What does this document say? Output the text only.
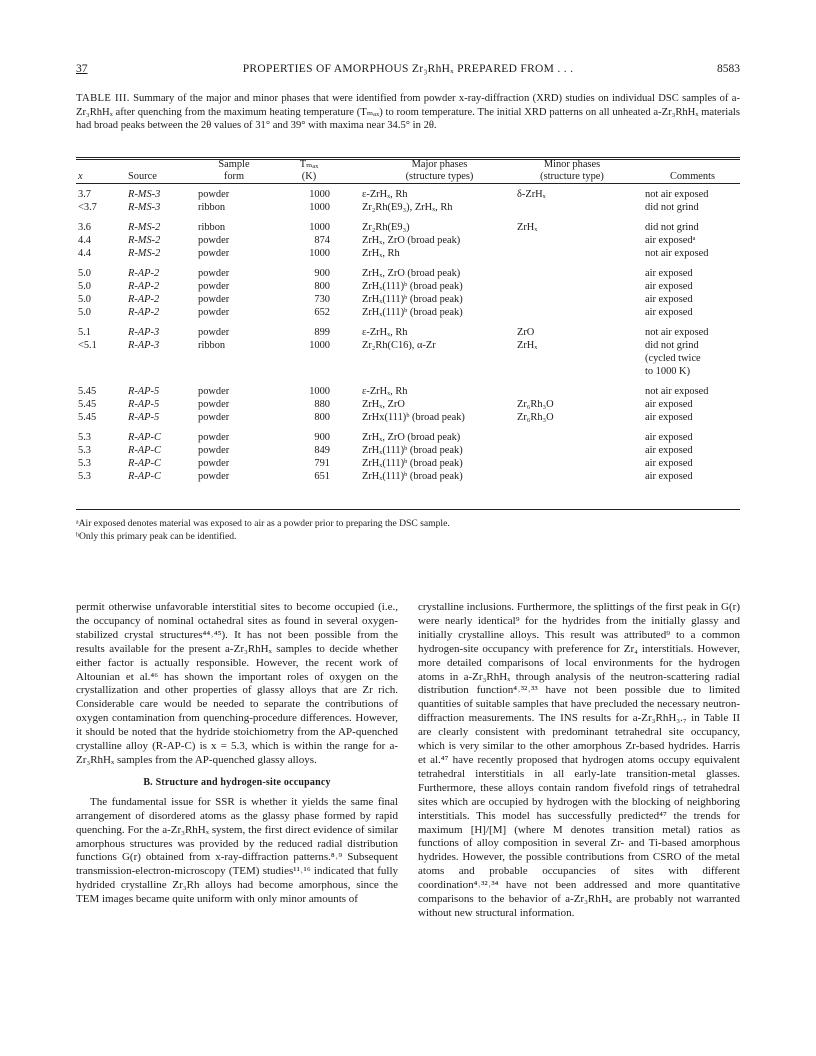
37	PROPERTIES OF AMORPHOUS Zr₃RhHₓ PREPARED FROM . . .	8583
TABLE III. Summary of the major and minor phases that were identified from powder x-ray-diffraction (XRD) studies on individual DSC samples of a-Zr₃RhHₓ after quenching from the maximum heating temperature (Tₘₐₓ) to room temperature. The initial XRD patterns on all unheated a-Zr₃RhHₓ materials had broad peaks between the 2θ values of 31° and 39° with maxima near 34.5° in 2θ.
		Sample	Tₘₐₓ	Major phases	Minor phases	
x	Source	form	(K)	(structure types)	(structure type)	Comments

3.7	R-MS-3	powder	1000	ε-ZrHₓ, Rh	δ-ZrHₓ	not air exposed
<3.7	R-MS-3	ribbon	1000	Zr₂Rh(E9₃), ZrHₓ, Rh		did not grind

3.6	R-MS-2	ribbon	1000	Zr₂Rh(E9₃)	ZrHₓ	did not grind
4.4	R-MS-2	powder	874	ZrHₓ, ZrO (broad peak)		air exposedᵃ
4.4	R-MS-2	powder	1000	ZrHₓ, Rh		not air exposed

5.0	R-AP-2	powder	900	ZrHₓ, ZrO (broad peak)		air exposed
5.0	R-AP-2	powder	800	ZrHₓ(111)ᵇ (broad peak)		air exposed
5.0	R-AP-2	powder	730	ZrHₓ(111)ᵇ (broad peak)		air exposed
5.0	R-AP-2	powder	652	ZrHₓ(111)ᵇ (broad peak)		air exposed

5.1	R-AP-3	powder	899	ε-ZrHₓ, Rh	ZrO	not air exposed
<5.1	R-AP-3	ribbon	1000	Zr₂Rh(C16), α-Zr	ZrHₓ	did not grind
						(cycled twice
						to 1000 K)

5.45	R-AP-5	powder	1000	ε-ZrHₓ, Rh		not air exposed
5.45	R-AP-5	powder	880	ZrHₓ, ZrO	Zr₆Rh₃O	air exposed
5.45	R-AP-5	powder	800	ZrHx(111)ᵇ (broad peak)	Zr₆Rh₃O	air exposed

5.3	R-AP-C	powder	900	ZrHₓ, ZrO (broad peak)		air exposed
5.3	R-AP-C	powder	849	ZrHₓ(111)ᵇ (broad peak)		air exposed
5.3	R-AP-C	powder	791	ZrHₓ(111)ᵇ (broad peak)		air exposed
5.3	R-AP-C	powder	651	ZrHₓ(111)ᵇ (broad peak)		air exposed
ᵃAir exposed denotes material was exposed to air as a powder prior to preparing the DSC sample.
ᵇOnly this primary peak can be identified.

permit otherwise unfavorable interstitial sites to become occupied (i.e., the occupancy of nominal octahedral sites as found in several oxygen-stabilized crystal structures⁴⁴˒⁴⁵). It has not been possible from the results available for the present a-Zr₃RhHₓ samples to decide whether either factor is actually responsible. However, the recent work of Altounian et al.⁴⁶ has shown the important roles of oxygen on the crystallization and other properties of glassy alloys that are Zr rich. Considerable care would be needed to separate the contributions of oxygen contamination from quenching-procedure differences. However, it should be noted that the hydride stoichiometry from the AP-quenched crystalline alloy (R-AP-C) is x = 5.3, which is within the range for a-Zr₃RhHₓ samples from the AP-quenched glassy alloys.

B. Structure and hydrogen-site occupancy

The fundamental issue for SSR is whether it yields the same final arrangement of disordered atoms as the glassy phase formed by rapid quenching. For the a-Zr₃RhHₓ system, the first direct evidence of similar amorphous structures was provided by the reduced radial distribution functions G(r) obtained from x-ray-diffraction patterns.⁸˒⁹ Subsequent transmission-electron-microscopy (TEM) studies¹¹˒¹⁶ indicated that fully hydrided crystalline Zr₃Rh alloys had become amorphous, since the TEM images became quite uniform with only minor amounts of

crystalline inclusions. Furthermore, the splittings of the first peak in G(r) were nearly identical⁹ for the hydrides from the initially glassy and initially crystalline alloys. This result was attributed⁹ to a common hydrogen-site occupancy with preference for Zr₄ interstitials. However, more detailed comparisons of local environments for the hydrogen atoms in a-Zr₃RhHₓ through analysis of the neutron-scattering radial distribution function⁴˒³²˒³³ have not been possible due to limited quantities of suitable samples that have precluded the necessary neutron-diffraction measurements. The INS results for a-Zr₃RhH₃.₇ in Table II are clearly consistent with predominant tetrahedral site occupancy, which is very similar to the other amorphous Zr-based hydrides. Harris et al.⁴⁷ have recently proposed that hydrogen atoms occupy equivalent tetrahedral interstitials in all early-late transition-metal glasses. Furthermore, these alloys contain random fivefold rings of tetrahedral sites which are occupied by hydrogen with the blocking of neighboring interstitials. This model has successfully predicted⁴⁷ the trends for maximum [H]/[M] (where M denotes transition metal) ratios as functions of alloy composition in several Zr- and Ti-based amorphous hydrides. However, the possible contributions from CSRO of the metal atoms and probable occupancies of sites with different coordination⁴˒³²˒³⁴ have not been addressed and more quantitative comparisons to the behavior of a-Zr₃RhHₓ are probably not warranted without new structural information.
